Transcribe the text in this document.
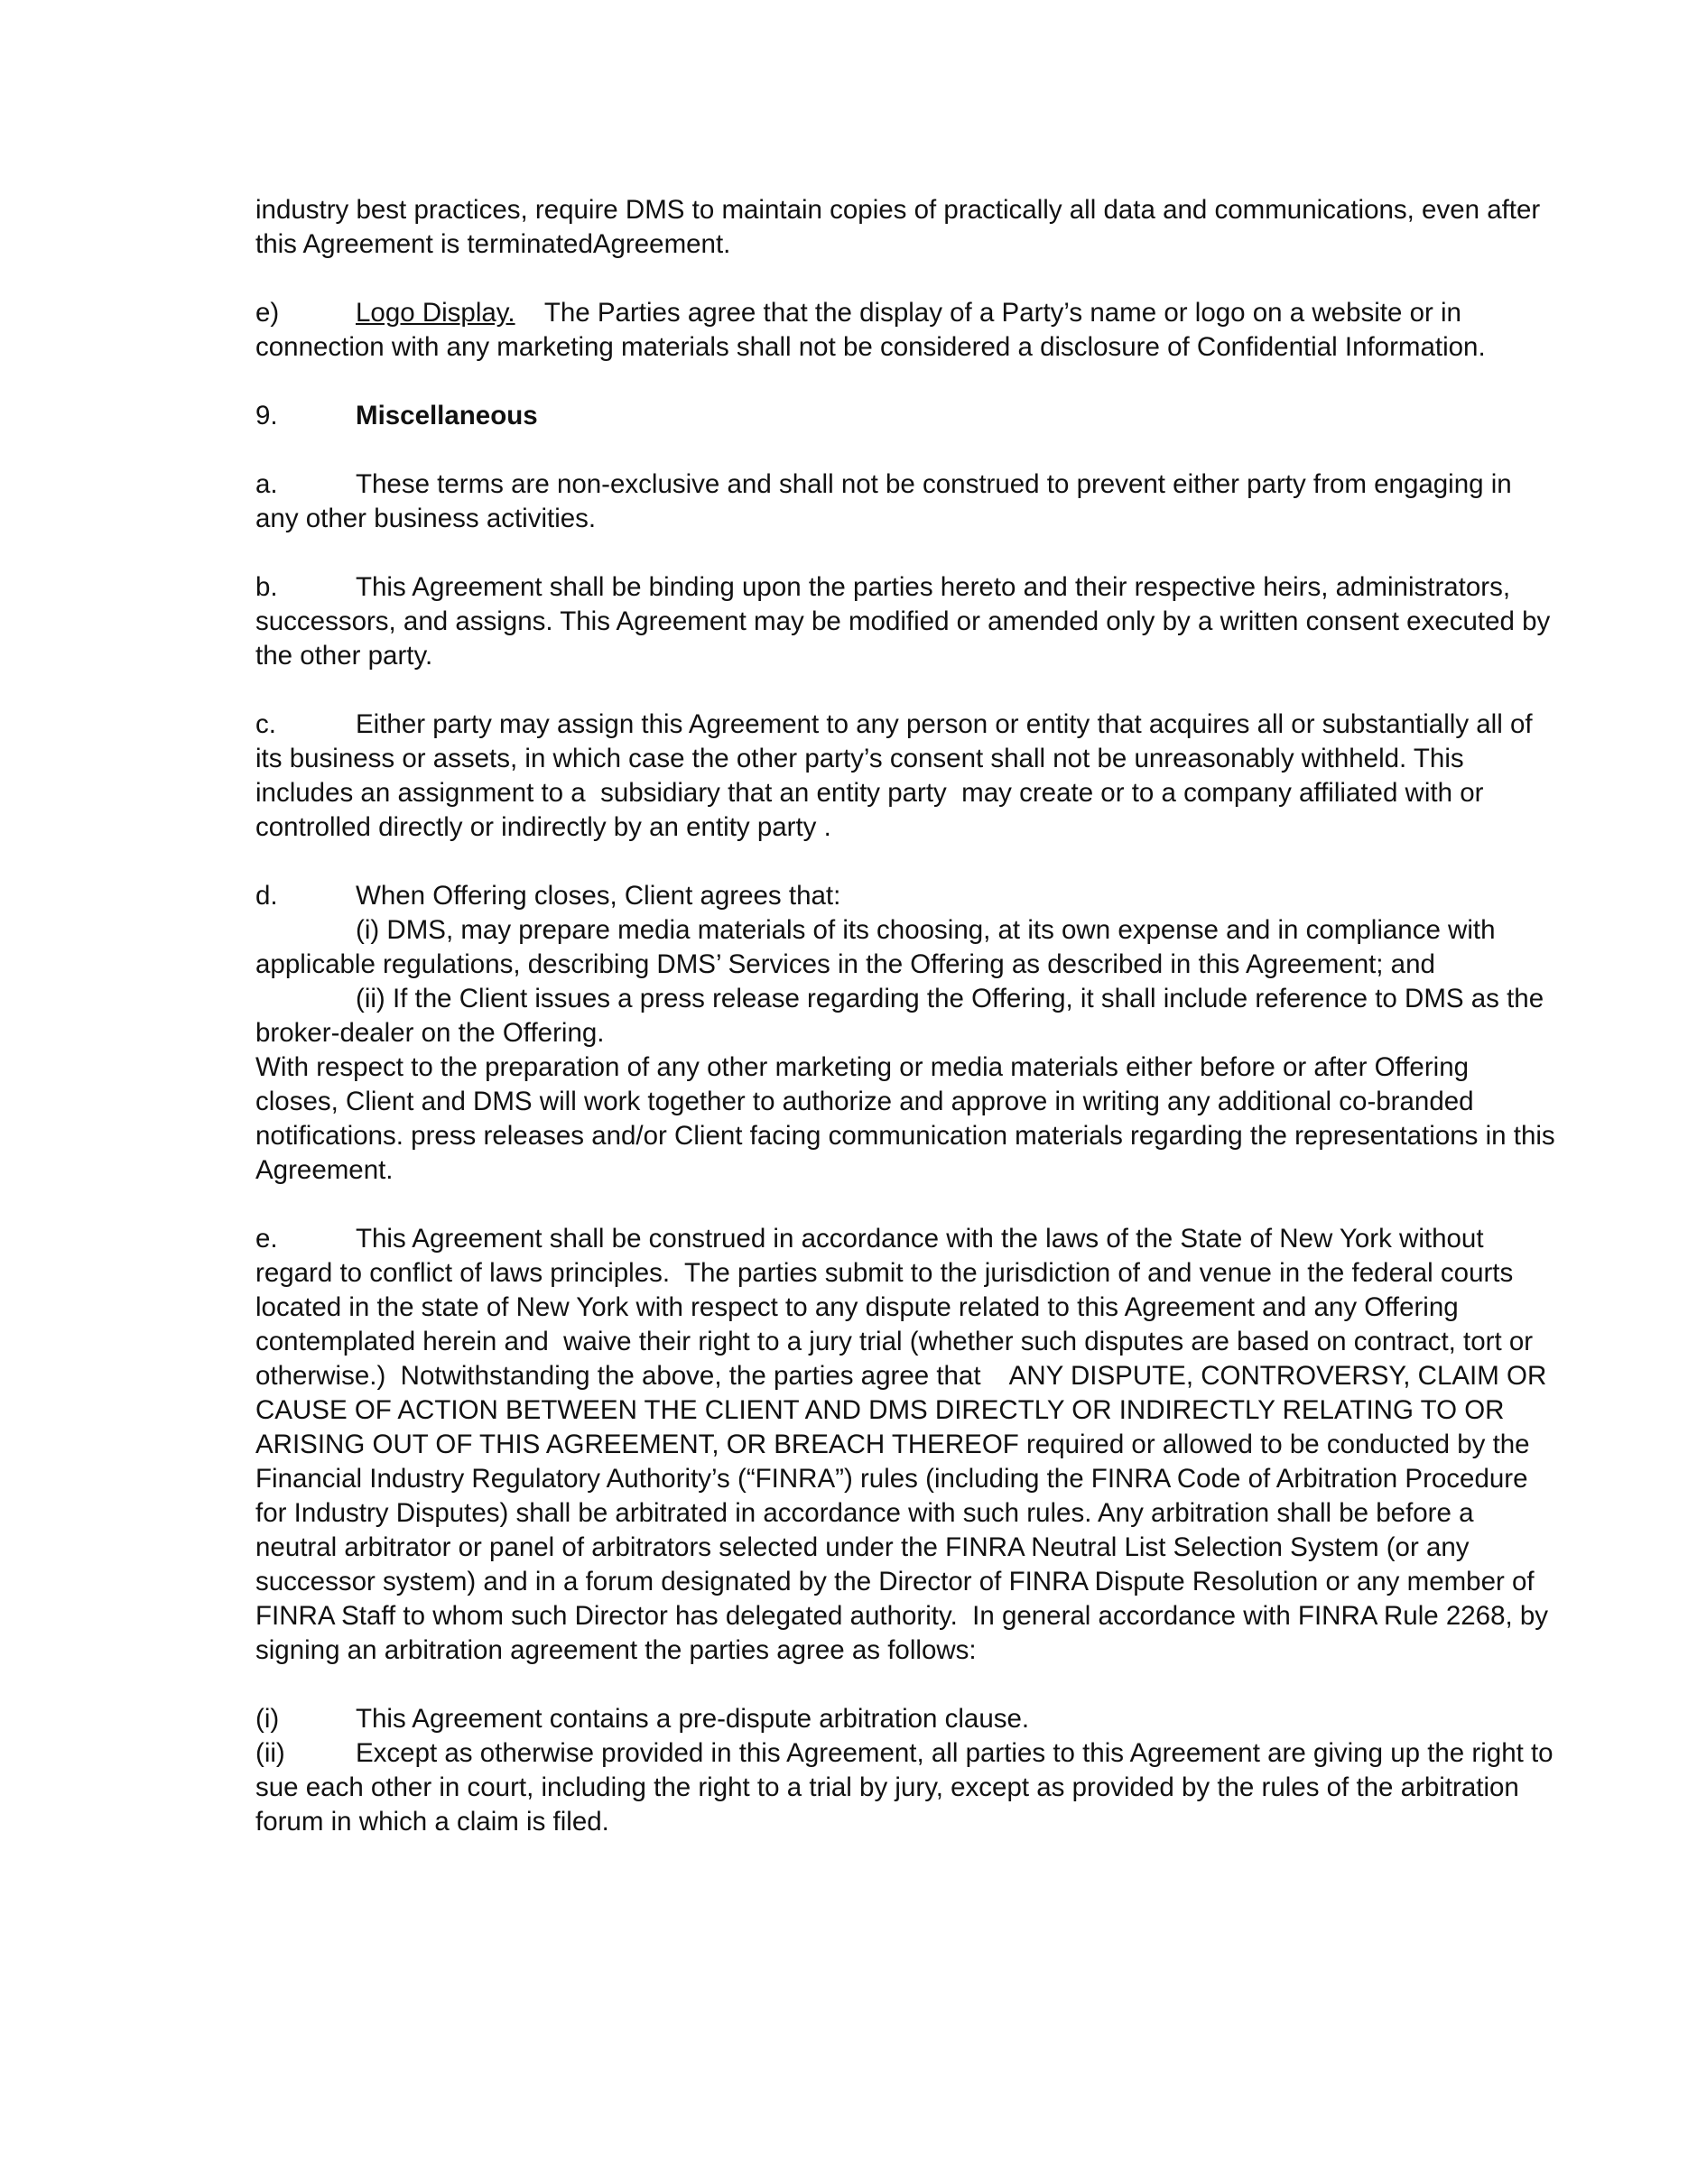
industry best practices, require DMS to maintain copies of practically all data and communications, even after this Agreement is terminatedAgreement.

e)	Logo Display. The Parties agree that the display of a Party’s name or logo on a website or in connection with any marketing materials shall not be considered a disclosure of Confidential Information.

9.	Miscellaneous

a.	These terms are non-exclusive and shall not be construed to prevent either party from engaging in any other business activities.

b.	This Agreement shall be binding upon the parties hereto and their respective heirs, administrators, successors, and assigns. This Agreement may be modified or amended only by a written consent executed by the other party.

c.	Either party may assign this Agreement to any person or entity that acquires all or substantially all of its business or assets, in which case the other party’s consent shall not be unreasonably withheld. This includes an assignment to a  subsidiary that an entity party  may create or to a company affiliated with or controlled directly or indirectly by an entity party .

d.	When Offering closes, Client agrees that:

(i) DMS, may prepare media materials of its choosing, at its own expense and in compliance with applicable regulations, describing DMS’ Services in the Offering as described in this Agreement; and

(ii) If the Client issues a press release regarding the Offering, it shall include reference to DMS as the broker-dealer on the Offering.

With respect to the preparation of any other marketing or media materials either before or after Offering closes, Client and DMS will work together to authorize and approve in writing any additional co-branded notifications. press releases and/or Client facing communication materials regarding the representations in this Agreement.

e.	This Agreement shall be construed in accordance with the laws of the State of New York without regard to conflict of laws principles.  The parties submit to the jurisdiction of and venue in the federal courts located in the state of New York with respect to any dispute related to this Agreement and any Offering contemplated herein and  waive their right to a jury trial (whether such disputes are based on contract, tort or otherwise.)  Notwithstanding the above, the parties agree that    ANY DISPUTE, CONTROVERSY, CLAIM OR CAUSE OF ACTION BETWEEN THE CLIENT AND DMS DIRECTLY OR INDIRECTLY RELATING TO OR ARISING OUT OF THIS AGREEMENT, OR BREACH THEREOF required or allowed to be conducted by the Financial Industry Regulatory Authority’s (“FINRA”) rules (including the FINRA Code of Arbitration Procedure for Industry Disputes) shall be arbitrated in accordance with such rules. Any arbitration shall be before a neutral arbitrator or panel of arbitrators selected under the FINRA Neutral List Selection System (or any successor system) and in a forum designated by the Director of FINRA Dispute Resolution or any member of FINRA Staff to whom such Director has delegated authority.  In general accordance with FINRA Rule 2268, by signing an arbitration agreement the parties agree as follows:

(i)	This Agreement contains a pre-dispute arbitration clause.

(ii)	Except as otherwise provided in this Agreement, all parties to this Agreement are giving up the right to sue each other in court, including the right to a trial by jury, except as provided by the rules of the arbitration forum in which a claim is filed.
